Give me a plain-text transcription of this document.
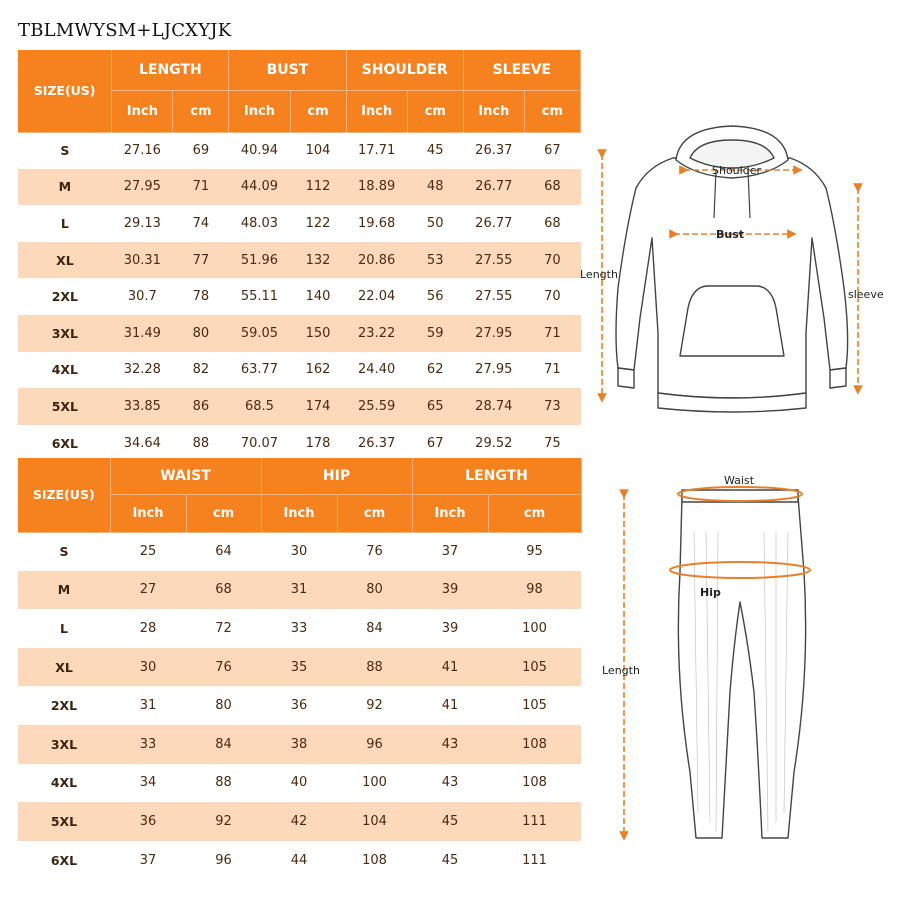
TBLMWYSM+LJCXYJK
SIZE(US)	LENGTH		BUST		SHOULDER		SLEEVE	
	Inch	cm	Inch	cm	Inch	cm	Inch	cm
S	27.16	69	40.94	104	17.71	45	26.37	67
M	27.95	71	44.09	112	18.89	48	26.77	68
L	29.13	74	48.03	122	19.68	50	26.77	68
XL	30.31	77	51.96	132	20.86	53	27.55	70
2XL	30.7	78	55.11	140	22.04	56	27.55	70
3XL	31.49	80	59.05	150	23.22	59	27.95	71
4XL	32.28	82	63.77	162	24.40	62	27.95	71
5XL	33.85	86	68.5	174	25.59	65	28.74	73
6XL	34.64	88	70.07	178	26.37	67	29.52	75
SIZE(US)	WAIST		HIP		LENGTH	
	Inch	cm	Inch	cm	Inch	cm
S	25	64	30	76	37	95
M	27	68	31	80	39	98
L	28	72	33	84	39	100
XL	30	76	35	88	41	105
2XL	31	80	36	92	41	105
3XL	33	84	38	96	43	108
4XL	34	88	40	100	43	108
5XL	36	92	42	104	45	111
6XL	37	96	44	108	45	111
Shoulder
Bust
Length
sleeve
Waist
Hip
Length
